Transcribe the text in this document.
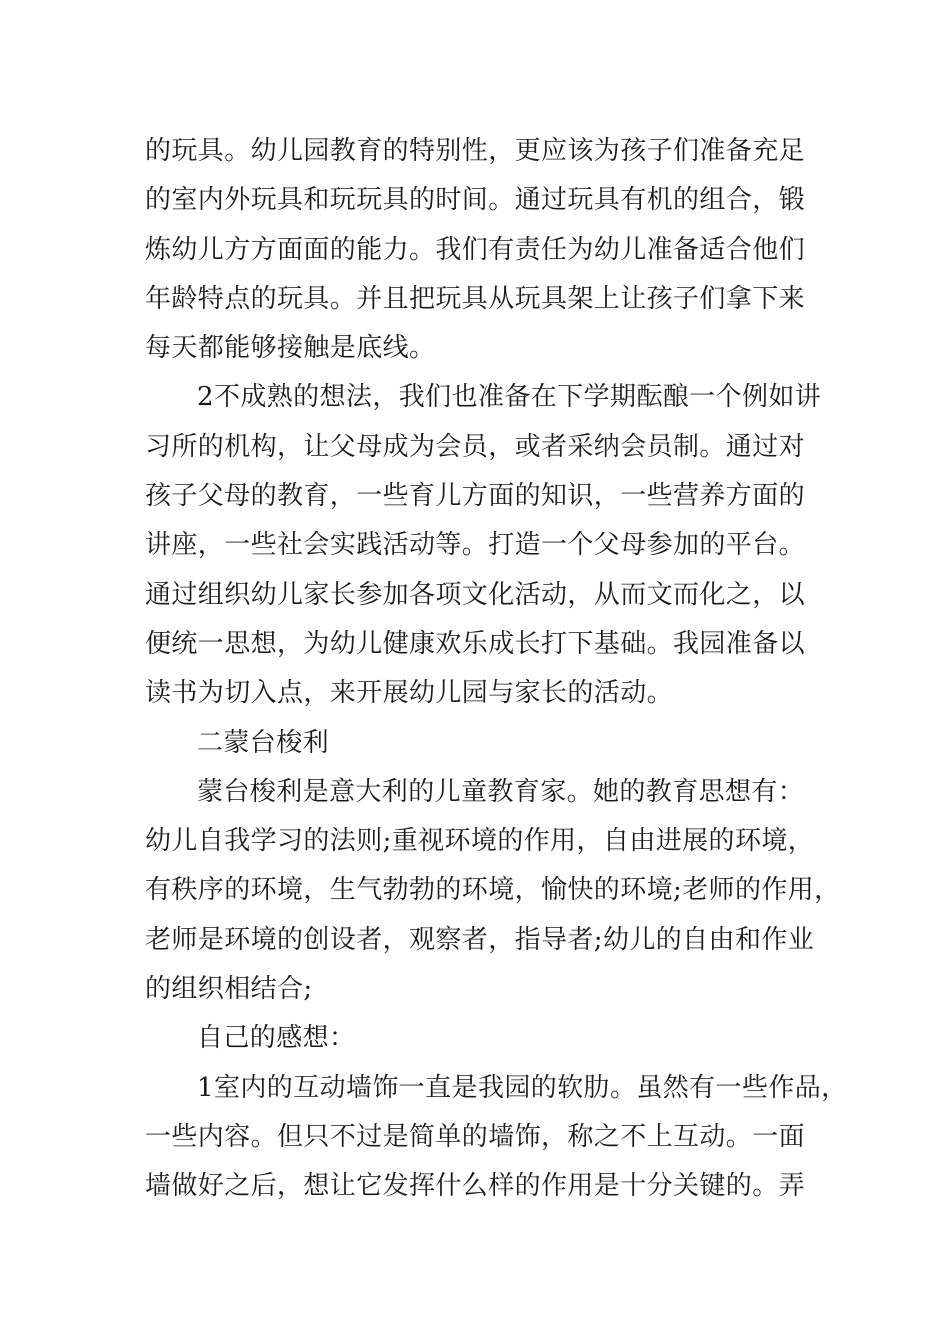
的玩具。幼儿园教育的特别性，更应该为孩子们准备充足
的室内外玩具和玩玩具的时间。通过玩具有机的组合，锻
炼幼儿方方面面的能力。我们有责任为幼儿准备适合他们
年龄特点的玩具。并且把玩具从玩具架上让孩子们拿下来
每天都能够接触是底线。
2不成熟的想法，我们也准备在下学期酝酿一个例如讲
习所的机构，让父母成为会员，或者采纳会员制。通过对
孩子父母的教育，一些育儿方面的知识，一些营养方面的
讲座，一些社会实践活动等。打造一个父母参加的平台。
通过组织幼儿家长参加各项文化活动，从而文而化之，以
便统一思想，为幼儿健康欢乐成长打下基础。我园准备以
读书为切入点，来开展幼儿园与家长的活动。
二蒙台梭利
蒙台梭利是意大利的儿童教育家。她的教育思想有：
幼儿自我学习的法则;重视环境的作用，自由进展的环境，
有秩序的环境，生气勃勃的环境，愉快的环境;老师的作用，
老师是环境的创设者，观察者，指导者;幼儿的自由和作业
的组织相结合;
自己的感想：
1室内的互动墙饰一直是我园的软肋。虽然有一些作品，
一些内容。但只不过是简单的墙饰，称之不上互动。一面
墙做好之后，想让它发挥什么样的作用是十分关键的。弄
